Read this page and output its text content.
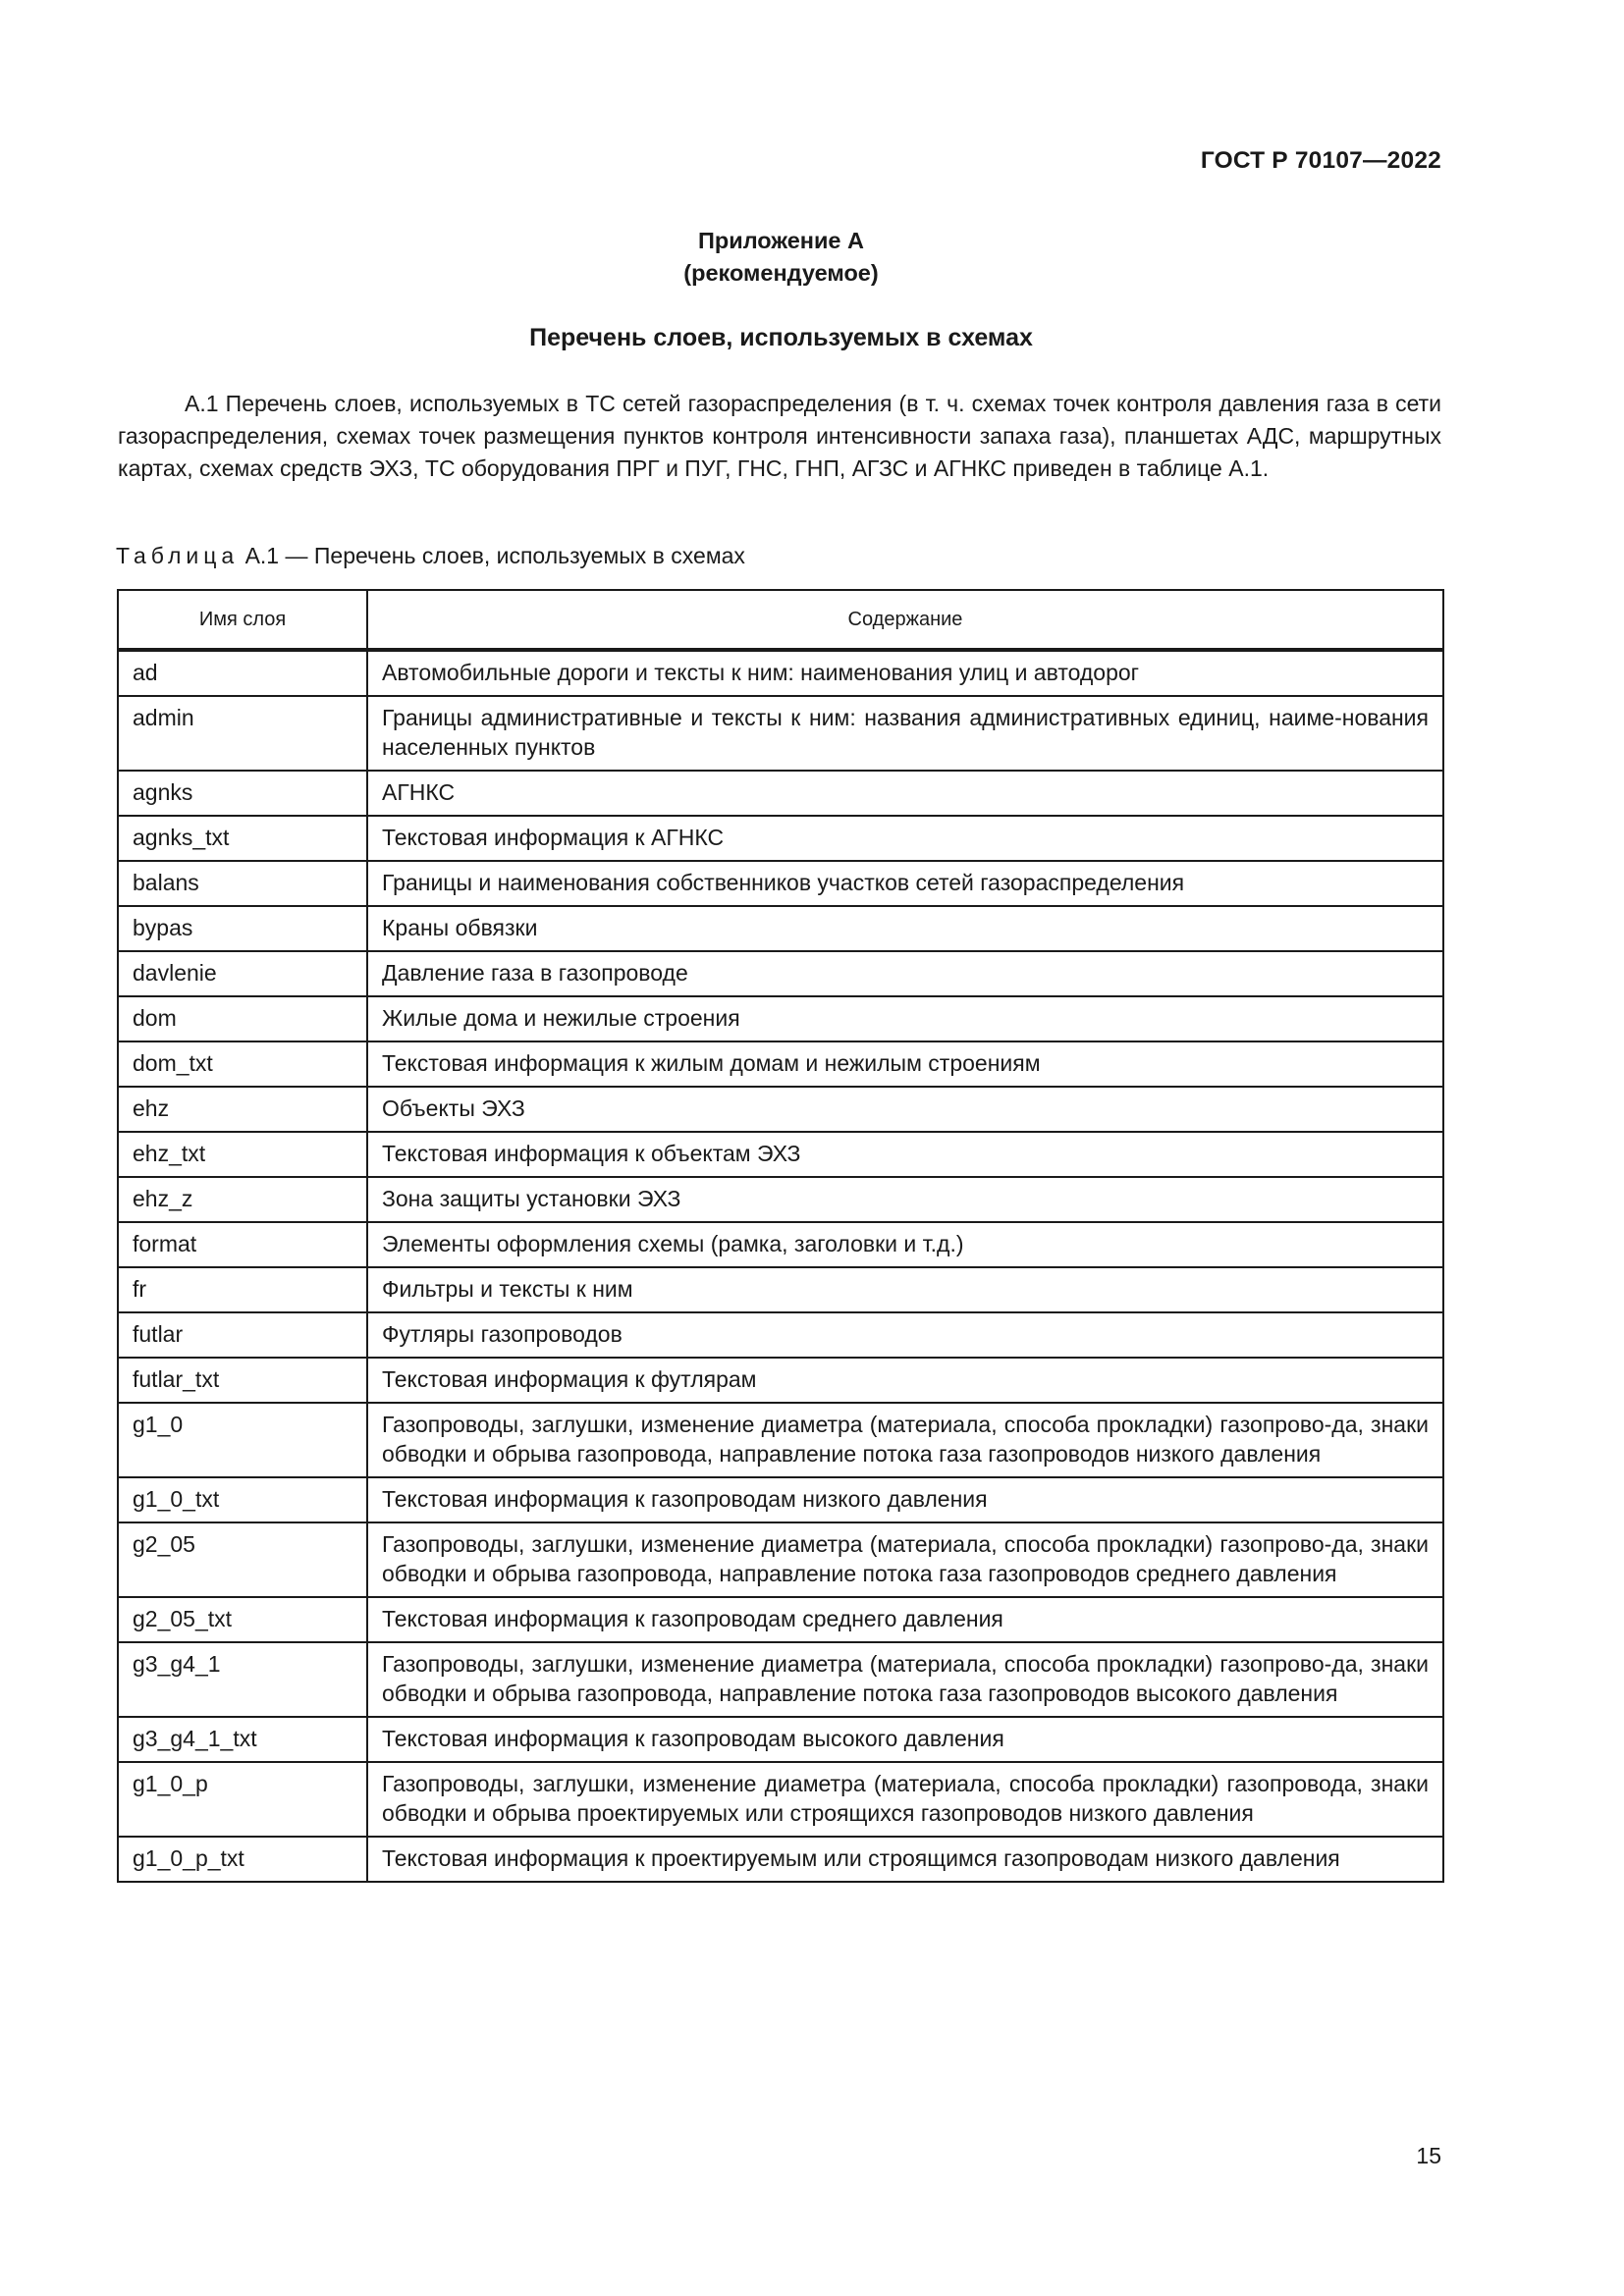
ГОСТ Р 70107—2022
Приложение А
(рекомендуемое)
Перечень слоев, используемых в схемах

А.1 Перечень слоев, используемых в ТС сетей газораспределения (в т. ч. схемах точек контроля давления газа в сети газораспределения, схемах точек размещения пунктов контроля интенсивности запаха газа), планшетах АДС, маршрутных картах, схемах средств ЭХЗ, ТС оборудования ПРГ и ПУГ, ГНС, ГНП, АГЗС и АГНКС приведен в таблице А.1.

Таблица А.1 — Перечень слоев, используемых в схемах
Имя слоя	Содержание
ad	Автомобильные дороги и тексты к ним: наименования улиц и автодорог
admin	Границы административные и тексты к ним: названия административных единиц, наиме-нования населенных пунктов
agnks	АГНКС
agnks_txt	Текстовая информация к АГНКС
balans	Границы и наименования собственников участков сетей газораспределения
bypas	Краны обвязки
davlenie	Давление газа в газопроводе
dom	Жилые дома и нежилые строения
dom_txt	Текстовая информация к жилым домам и нежилым строениям
ehz	Объекты ЭХЗ
ehz_txt	Текстовая информация к объектам ЭХЗ
ehz_z	Зона защиты установки ЭХЗ
format	Элементы оформления схемы (рамка, заголовки и т.д.)
fr	Фильтры и тексты к ним
futlar	Футляры газопроводов
futlar_txt	Текстовая информация к футлярам
g1_0	Газопроводы, заглушки, изменение диаметра (материала, способа прокладки) газопрово-да, знаки обводки и обрыва газопровода, направление потока газа газопроводов низкого давления
g1_0_txt	Текстовая информация к газопроводам низкого давления
g2_05	Газопроводы, заглушки, изменение диаметра (материала, способа прокладки) газопрово-да, знаки обводки и обрыва газопровода, направление потока газа газопроводов среднего давления
g2_05_txt	Текстовая информация к газопроводам среднего давления
g3_g4_1	Газопроводы, заглушки, изменение диаметра (материала, способа прокладки) газопрово-да, знаки обводки и обрыва газопровода, направление потока газа газопроводов высокого давления
g3_g4_1_txt	Текстовая информация к газопроводам высокого давления
g1_0_p	Газопроводы, заглушки, изменение диаметра (материала, способа прокладки) газопровода, знаки обводки и обрыва проектируемых или строящихся газопроводов низкого давления
g1_0_p_txt	Текстовая информация к проектируемым или строящимся газопроводам низкого давления
15
